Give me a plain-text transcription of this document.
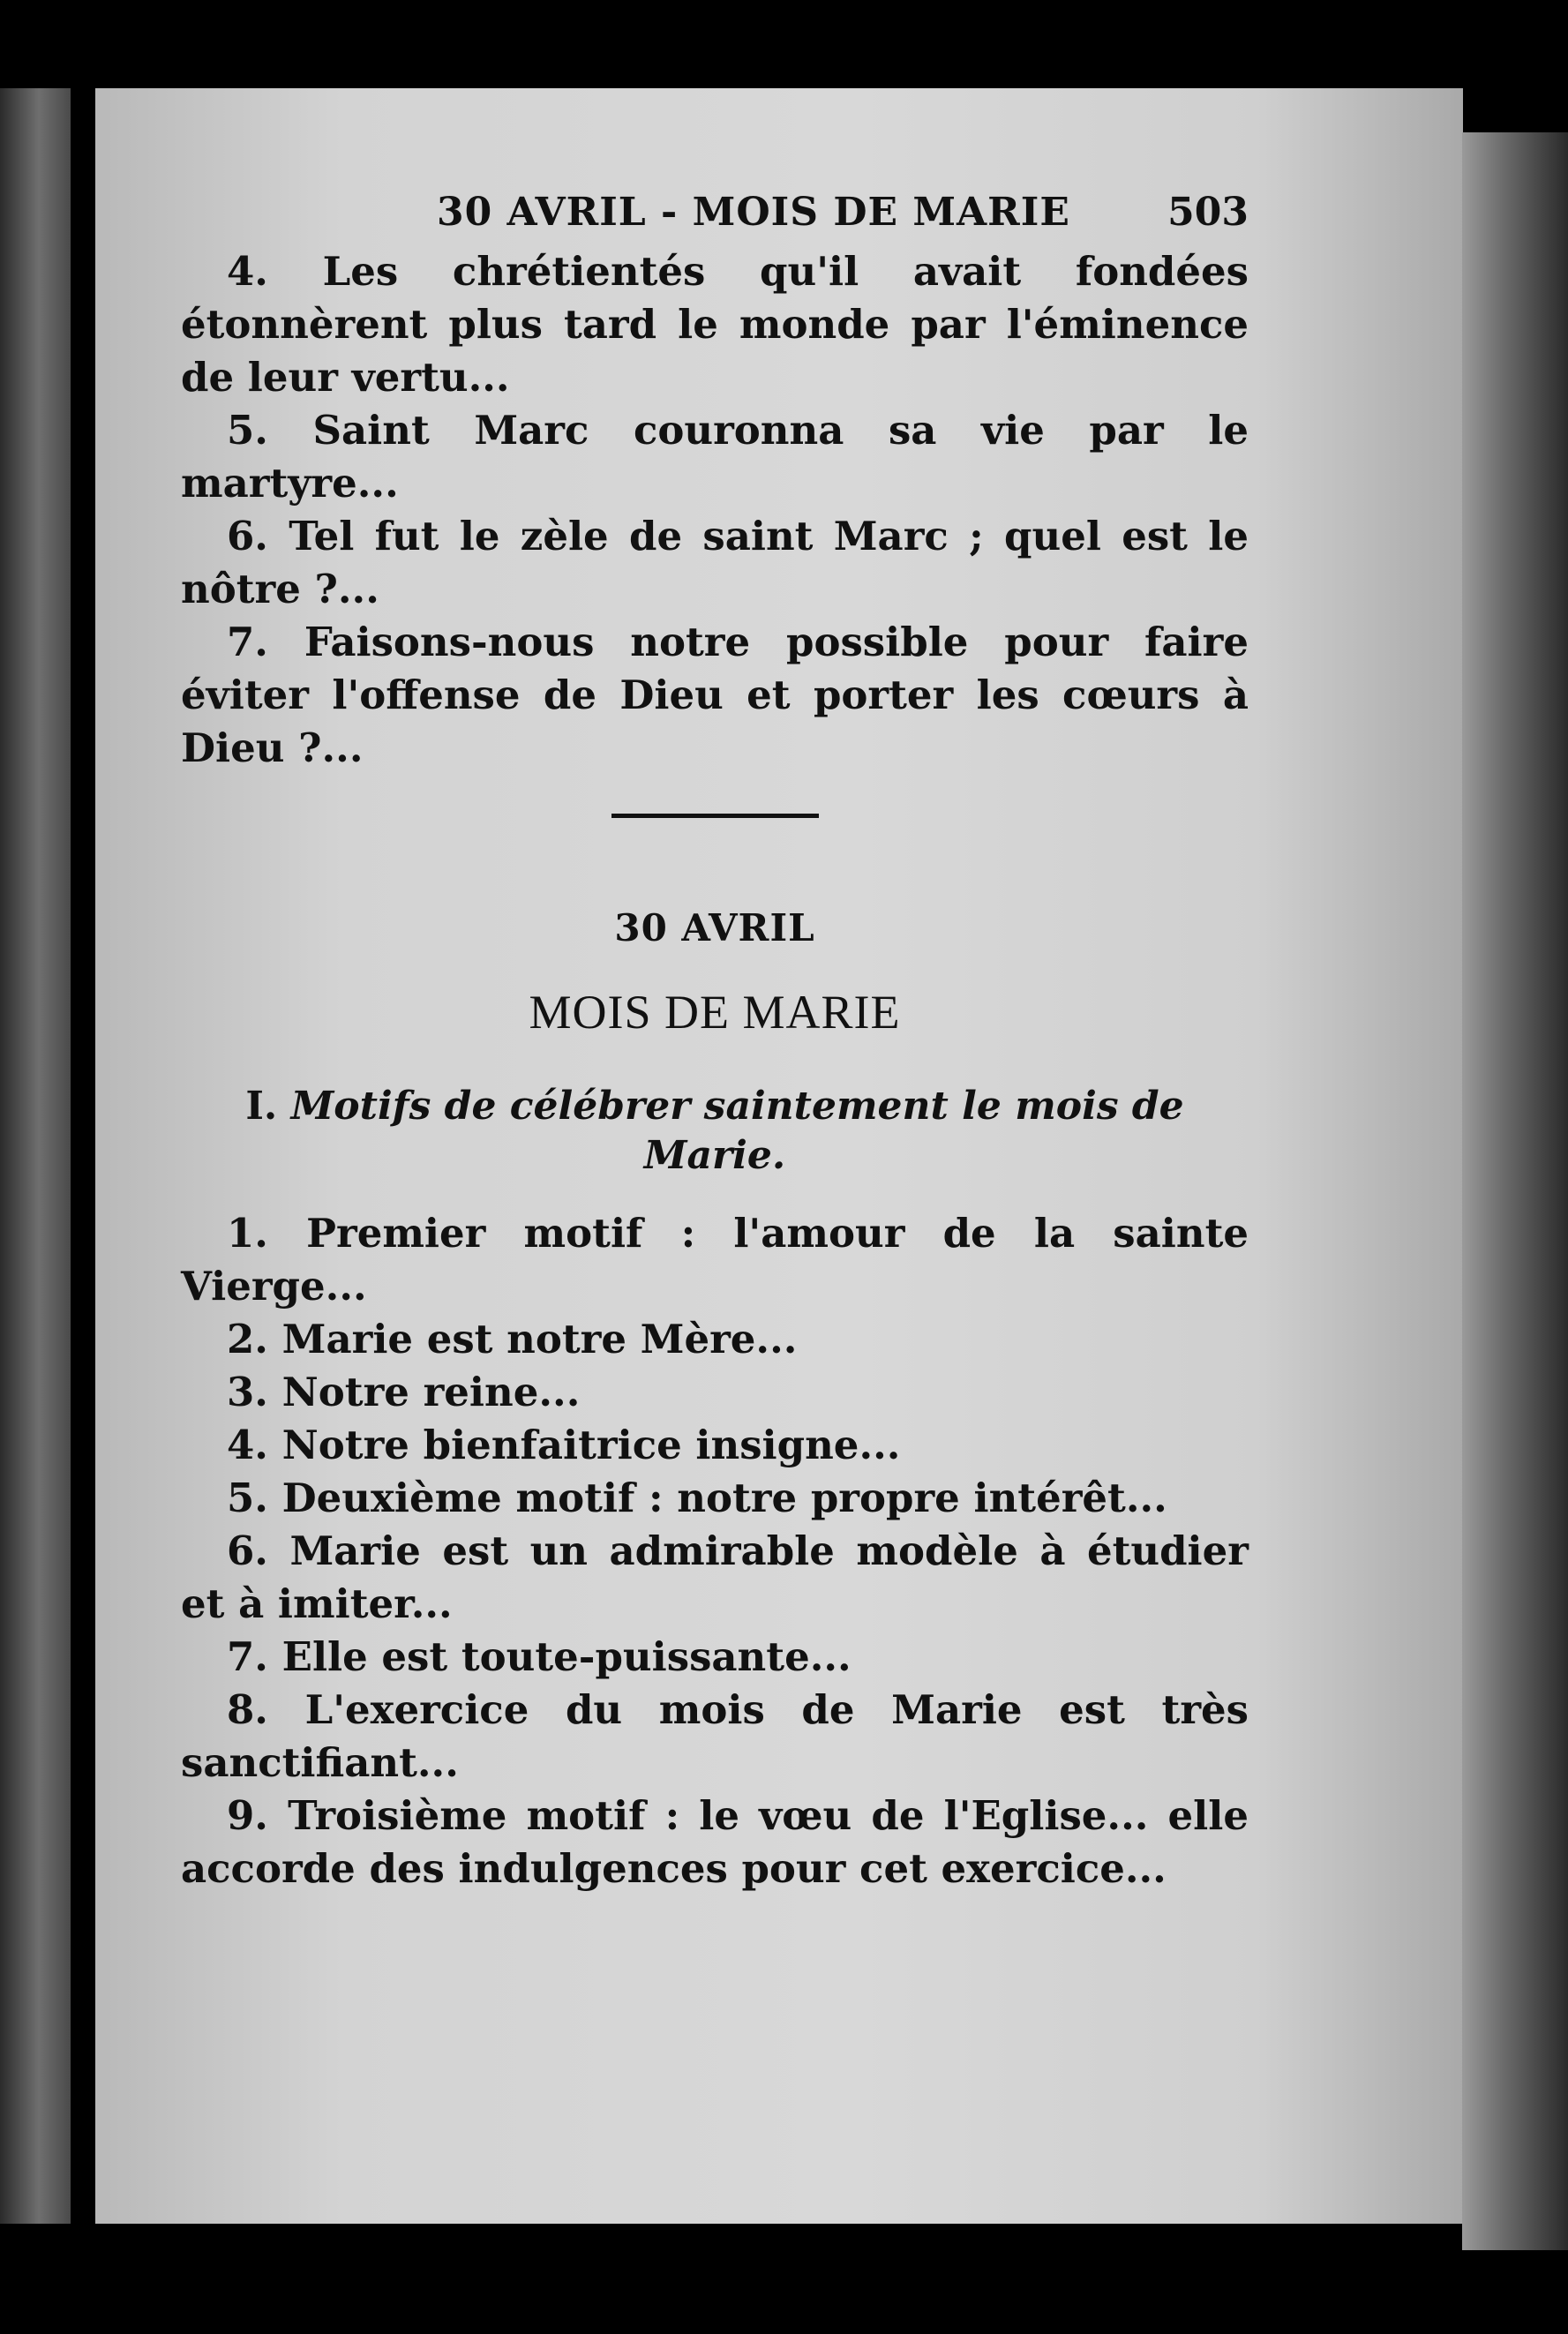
30 AVRIL - MOIS DE MARIE	503

4. Les chrétientés qu'il avait fondées étonnèrent plus tard le monde par l'éminence de leur vertu...

5. Saint Marc couronna sa vie par le martyre...

6. Tel fut le zèle de saint Marc ; quel est le nôtre ?...

7. Faisons-nous notre possible pour faire éviter l'offense de Dieu et porter les cœurs à Dieu ?...

30 AVRIL
MOIS DE MARIE
I. Motifs de célébrer saintement le mois de Marie.

1. Premier motif : l'amour de la sainte Vierge...

2. Marie est notre Mère...

3. Notre reine...

4. Notre bienfaitrice insigne...

5. Deuxième motif : notre propre intérêt...

6. Marie est un admirable modèle à étudier et à imiter...

7. Elle est toute-puissante...

8. L'exercice du mois de Marie est très sanctifiant...

9. Troisième motif : le vœu de l'Eglise... elle accorde des indulgences pour cet exercice...
